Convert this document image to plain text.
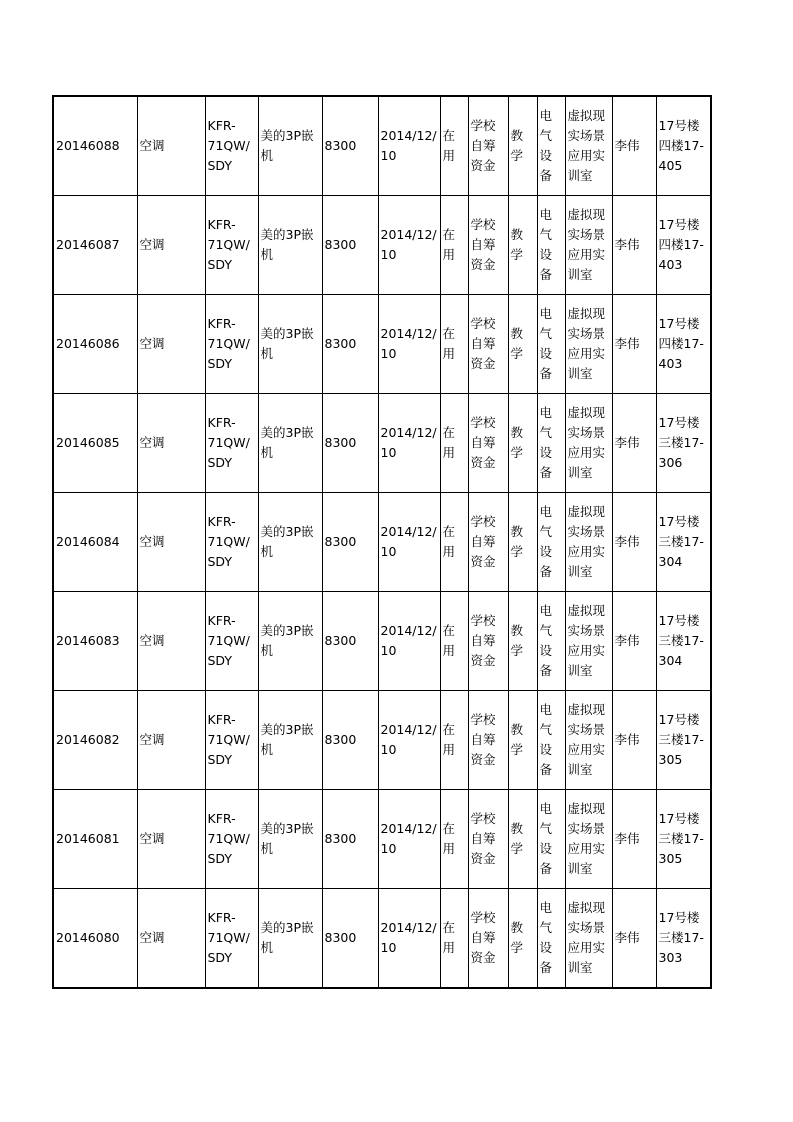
20146088	空调	KFR-
71QW/
SDY	美的3P嵌
机	8300	2014/12/
10	在
用	学校
自筹
资金	教
学	电
气
设
备	虚拟现
实场景
应用实
训室	李伟	17号楼
四楼17-
405

20146087	空调	KFR-
71QW/
SDY	美的3P嵌
机	8300	2014/12/
10	在
用	学校
自筹
资金	教
学	电
气
设
备	虚拟现
实场景
应用实
训室	李伟	17号楼
四楼17-
403

20146086	空调	KFR-
71QW/
SDY	美的3P嵌
机	8300	2014/12/
10	在
用	学校
自筹
资金	教
学	电
气
设
备	虚拟现
实场景
应用实
训室	李伟	17号楼
四楼17-
403

20146085	空调	KFR-
71QW/
SDY	美的3P嵌
机	8300	2014/12/
10	在
用	学校
自筹
资金	教
学	电
气
设
备	虚拟现
实场景
应用实
训室	李伟	17号楼
三楼17-
306

20146084	空调	KFR-
71QW/
SDY	美的3P嵌
机	8300	2014/12/
10	在
用	学校
自筹
资金	教
学	电
气
设
备	虚拟现
实场景
应用实
训室	李伟	17号楼
三楼17-
304

20146083	空调	KFR-
71QW/
SDY	美的3P嵌
机	8300	2014/12/
10	在
用	学校
自筹
资金	教
学	电
气
设
备	虚拟现
实场景
应用实
训室	李伟	17号楼
三楼17-
304

20146082	空调	KFR-
71QW/
SDY	美的3P嵌
机	8300	2014/12/
10	在
用	学校
自筹
资金	教
学	电
气
设
备	虚拟现
实场景
应用实
训室	李伟	17号楼
三楼17-
305

20146081	空调	KFR-
71QW/
SDY	美的3P嵌
机	8300	2014/12/
10	在
用	学校
自筹
资金	教
学	电
气
设
备	虚拟现
实场景
应用实
训室	李伟	17号楼
三楼17-
305

20146080	空调	KFR-
71QW/
SDY	美的3P嵌
机	8300	2014/12/
10	在
用	学校
自筹
资金	教
学	电
气
设
备	虚拟现
实场景
应用实
训室	李伟	17号楼
三楼17-
303
